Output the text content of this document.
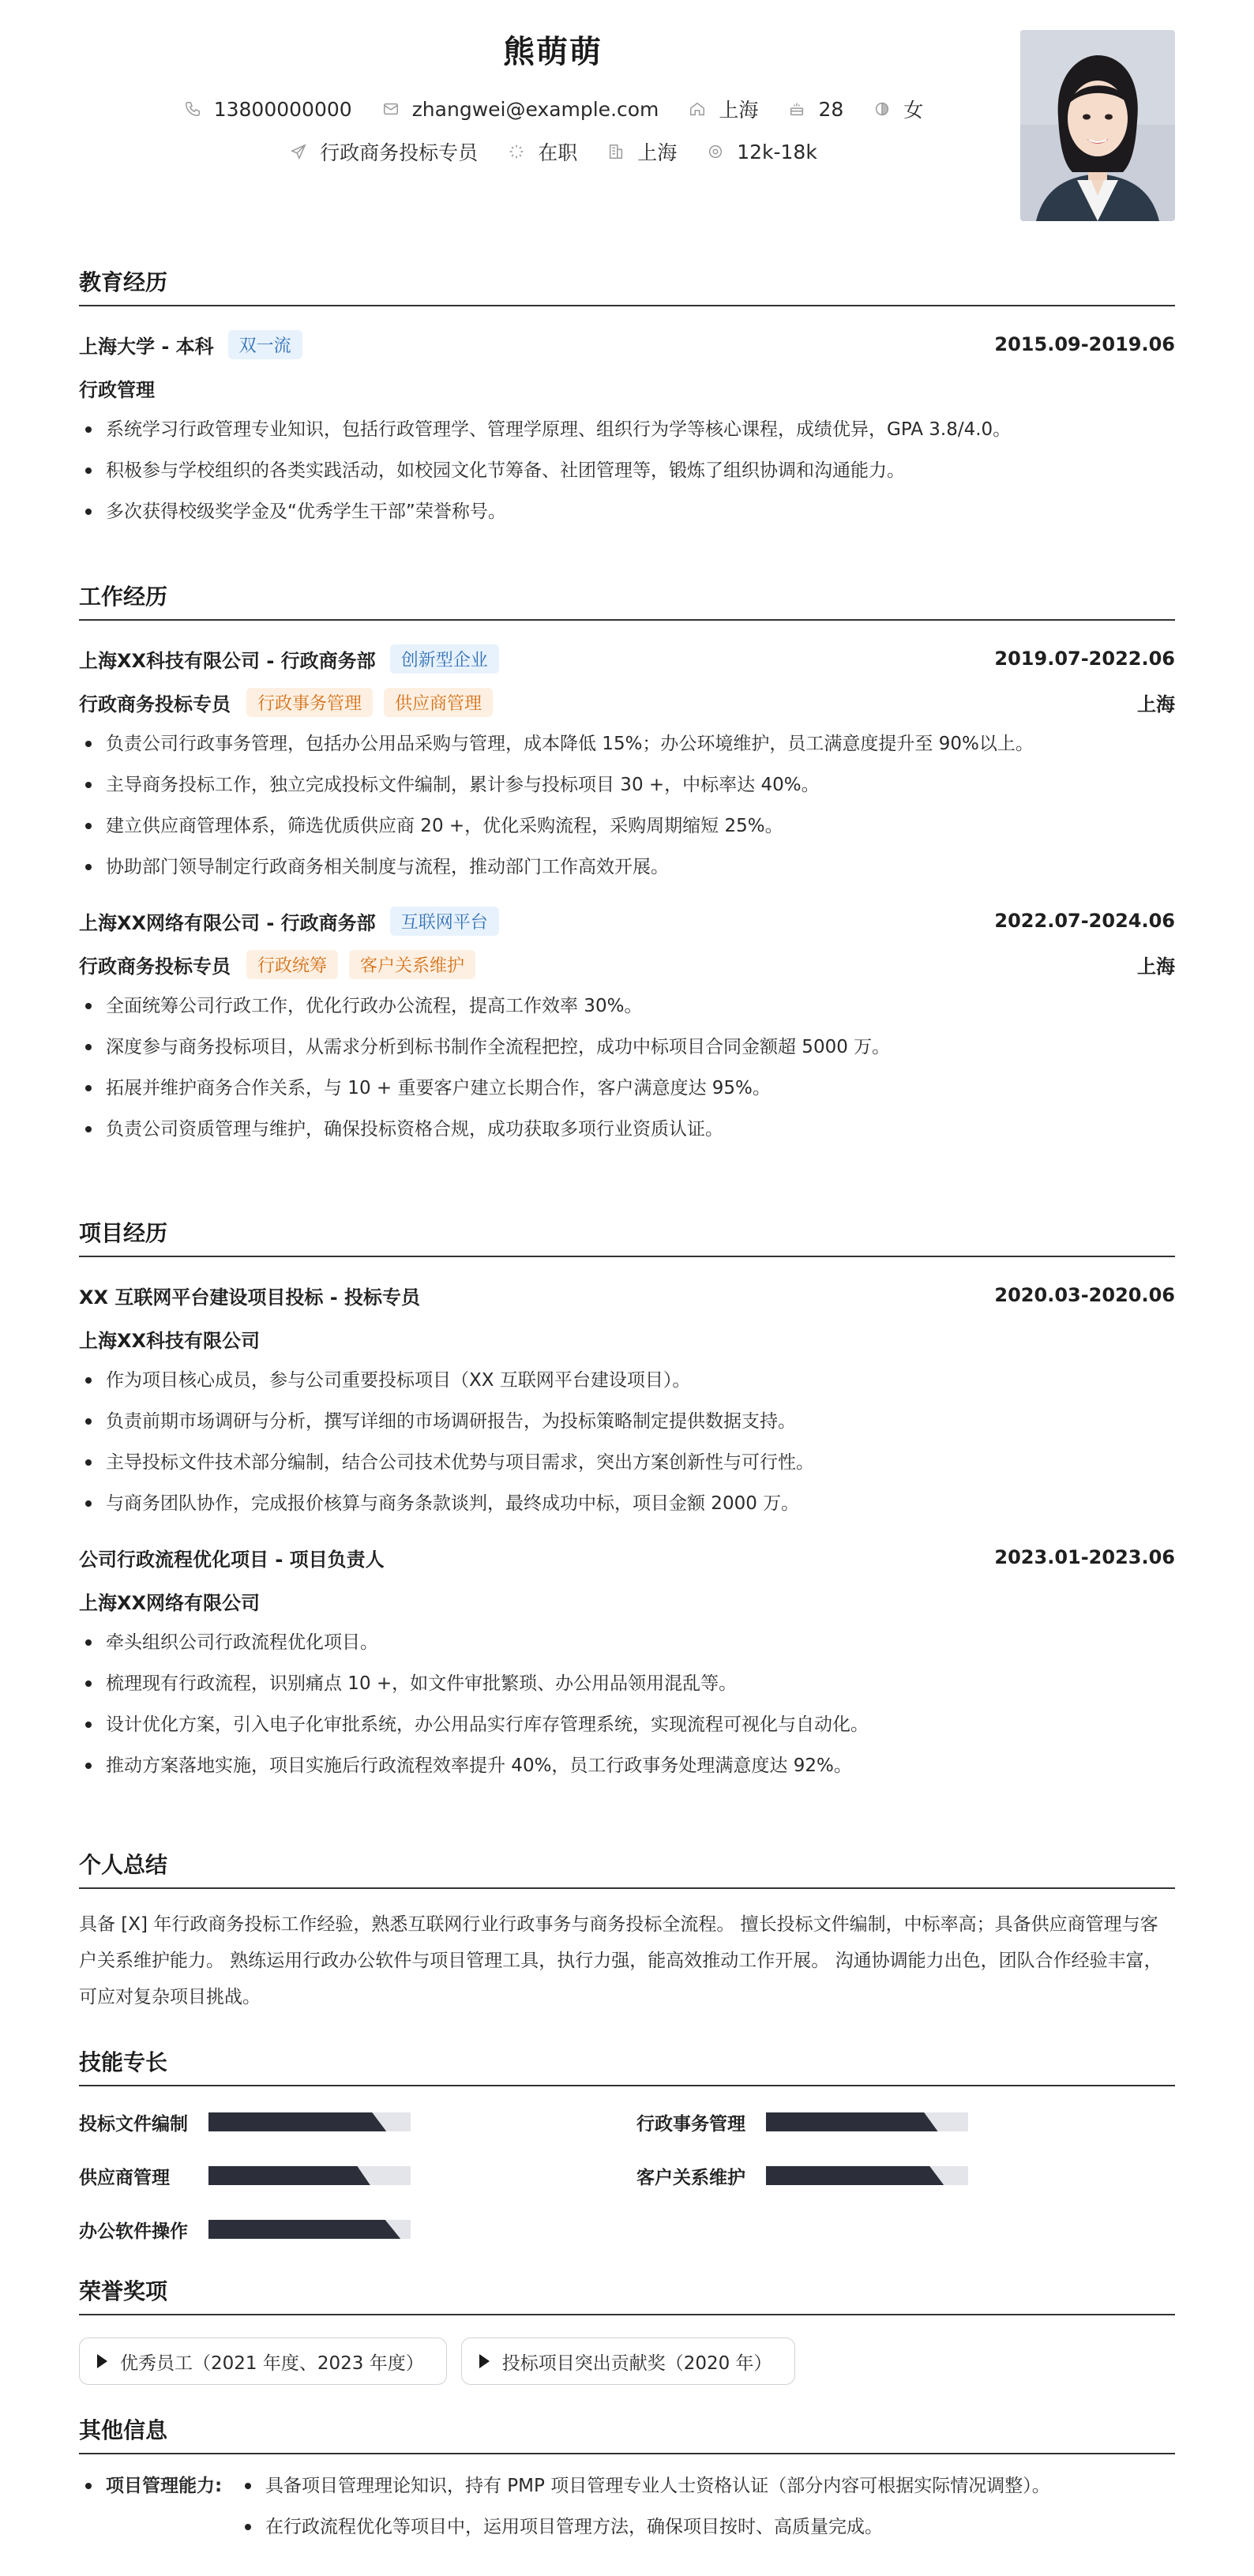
熊萌萌
13800000000	zhangwei@example.com	上海	28	女
行政商务投标专员	在职	上海	12k-18k
教育经历
上海大学 - 本科	双一流	2015.09-2019.06
行政管理
系统学习行政管理专业知识，包括行政管理学、管理学原理、组织行为学等核心课程，成绩优异，GPA 3.8/4.0。
积极参与学校组织的各类实践活动，如校园文化节筹备、社团管理等，锻炼了组织协调和沟通能力。
多次获得校级奖学金及“优秀学生干部”荣誉称号。
工作经历
上海XX科技有限公司 - 行政商务部	创新型企业	2019.07-2022.06
行政商务投标专员	行政事务管理	供应商管理	上海
负责公司行政事务管理，包括办公用品采购与管理，成本降低 15%；办公环境维护，员工满意度提升至 90%以上。
主导商务投标工作，独立完成投标文件编制，累计参与投标项目 30 +，中标率达 40%。
建立供应商管理体系，筛选优质供应商 20 +，优化采购流程，采购周期缩短 25%。
协助部门领导制定行政商务相关制度与流程，推动部门工作高效开展。
上海XX网络有限公司 - 行政商务部	互联网平台	2022.07-2024.06
行政商务投标专员	行政统筹	客户关系维护	上海
全面统筹公司行政工作，优化行政办公流程，提高工作效率 30%。
深度参与商务投标项目，从需求分析到标书制作全流程把控，成功中标项目合同金额超 5000 万。
拓展并维护商务合作关系，与 10 + 重要客户建立长期合作，客户满意度达 95%。
负责公司资质管理与维护，确保投标资格合规，成功获取多项行业资质认证。
项目经历
XX 互联网平台建设项目投标 - 投标专员	2020.03-2020.06
上海XX科技有限公司
作为项目核心成员，参与公司重要投标项目（XX 互联网平台建设项目）。
负责前期市场调研与分析，撰写详细的市场调研报告，为投标策略制定提供数据支持。
主导投标文件技术部分编制，结合公司技术优势与项目需求，突出方案创新性与可行性。
与商务团队协作，完成报价核算与商务条款谈判，最终成功中标，项目金额 2000 万。
公司行政流程优化项目 - 项目负责人	2023.01-2023.06
上海XX网络有限公司
牵头组织公司行政流程优化项目。
梳理现有行政流程，识别痛点 10 +，如文件审批繁琐、办公用品领用混乱等。
设计优化方案，引入电子化审批系统，办公用品实行库存管理系统，实现流程可视化与自动化。
推动方案落地实施，项目实施后行政流程效率提升 40%，员工行政事务处理满意度达 92%。
个人总结
具备 [X] 年行政商务投标工作经验，熟悉互联网行业行政事务与商务投标全流程。 擅长投标文件编制，中标率高；具备供应商管理与客户关系维护能力。 熟练运用行政办公软件与项目管理工具，执行力强，能高效推动工作开展。 沟通协调能力出色，团队合作经验丰富，可应对复杂项目挑战。
技能专长
投标文件编制	行政事务管理
供应商管理	客户关系维护
办公软件操作
荣誉奖项
优秀员工（2021 年度、2023 年度）	投标项目突出贡献奖（2020 年）
其他信息
项目管理能力:	具备项目管理理论知识，持有 PMP 项目管理专业人士资格认证（部分内容可根据实际情况调整）。
在行政流程优化等项目中，运用项目管理方法，确保项目按时、高质量完成。
